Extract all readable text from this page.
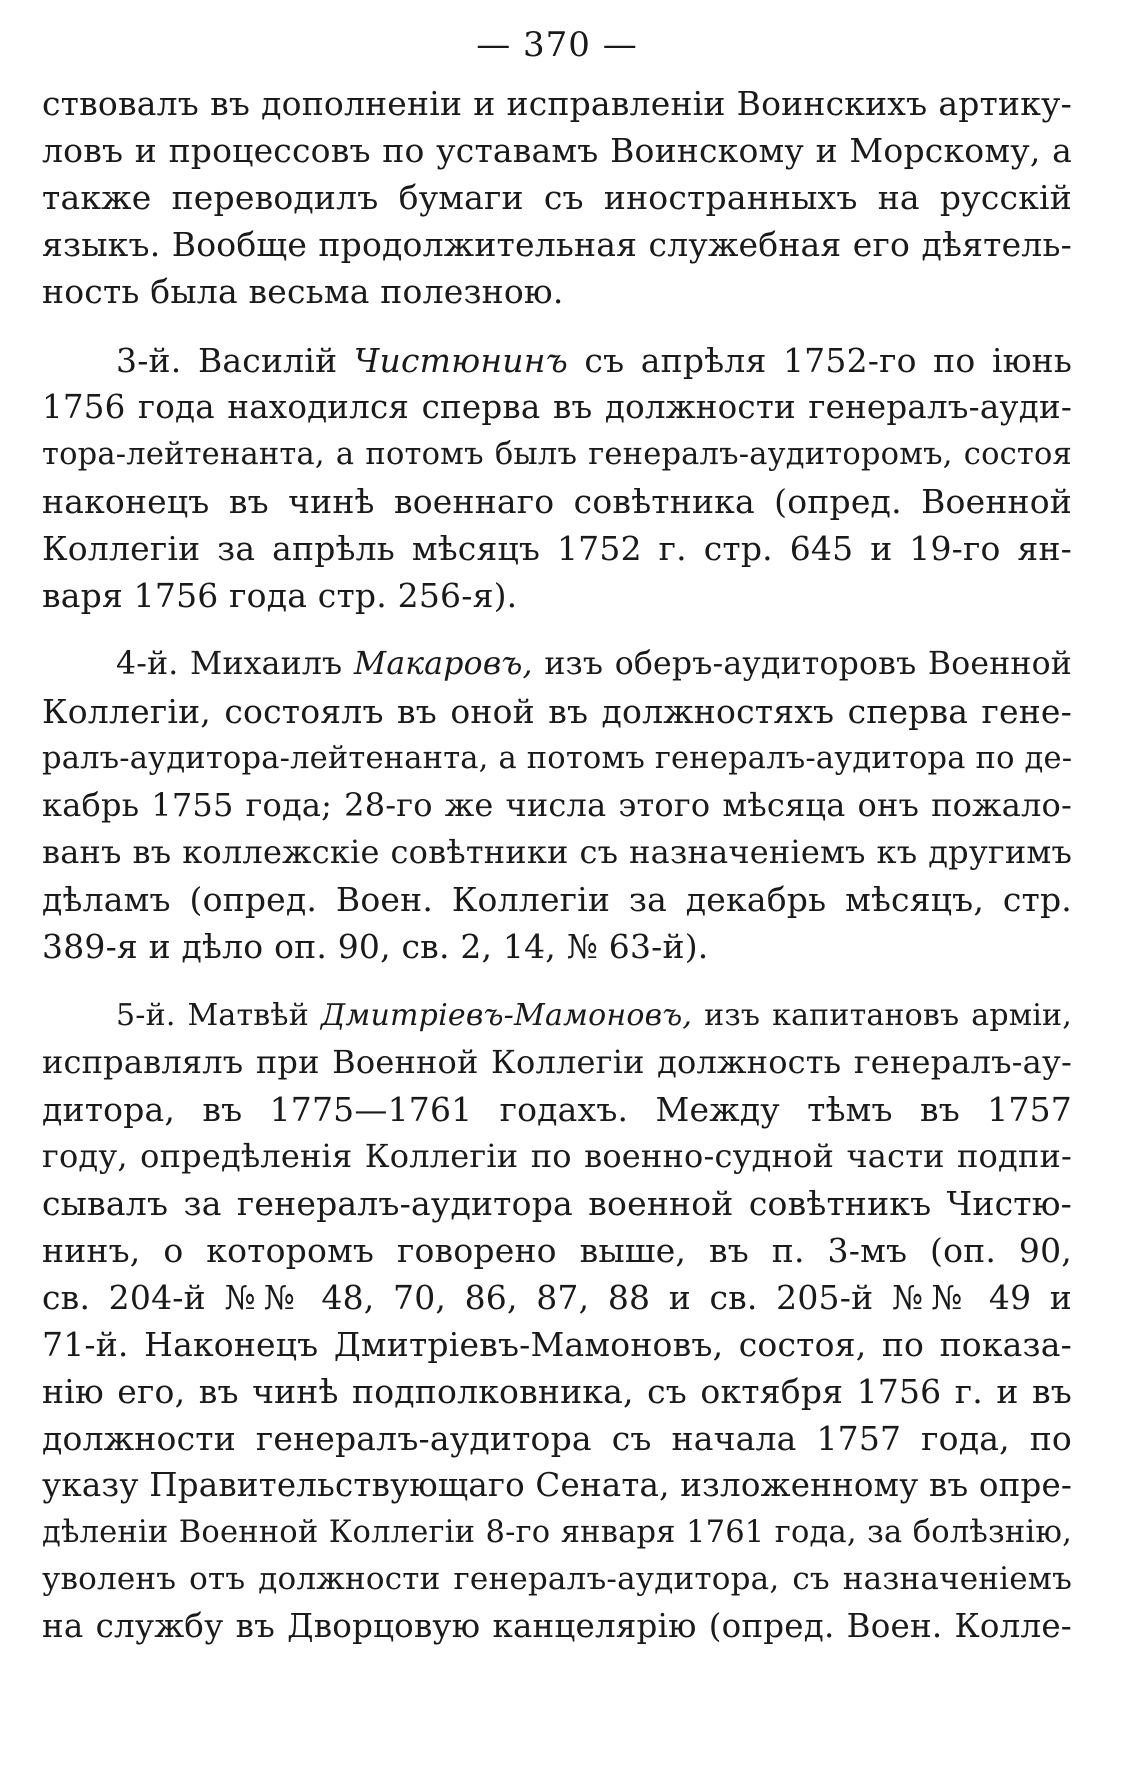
— 370 —
ствовалъ въ дополненіи и исправленіи Воинскихъ артику-
ловъ и процессовъ по уставамъ Воинскому и Морскому, а
также переводилъ бумаги съ иностранныхъ на русскій
языкъ. Вообще продолжительная служебная его дѣятель-
ность была весьма полезною.
3-й. Василій Чистюнинъ съ апрѣля 1752-го по іюнь
1756 года находился сперва въ должности генералъ-ауди-
тора-лейтенанта, а потомъ былъ генералъ-аудиторомъ, состоя
наконецъ въ чинѣ военнаго совѣтника (опред. Военной
Коллегіи за апрѣль мѣсяцъ 1752 г. стр. 645 и 19-го ян-
варя 1756 года стр. 256-я).
4-й. Михаилъ Макаровъ, изъ оберъ-аудиторовъ Военной
Коллегіи, состоялъ въ оной въ должностяхъ сперва гене-
ралъ-аудитора-лейтенанта, а потомъ генералъ-аудитора по де-
кабрь 1755 года; 28-го же числа этого мѣсяца онъ пожало-
ванъ въ коллежскіе совѣтники съ назначеніемъ къ другимъ
дѣламъ (опред. Воен. Коллегіи за декабрь мѣсяцъ, стр.
389-я и дѣло оп. 90, св. 2, 14, № 63-й).
5-й. Матвѣй Дмитріевъ-Мамоновъ, изъ капитановъ арміи,
исправлялъ при Военной Коллегіи должность генералъ-ау-
дитора, въ 1775—1761 годахъ. Между тѣмъ въ 1757
году, опредѣленія Коллегіи по военно-судной части подпи-
сывалъ за генералъ-аудитора военной совѣтникъ Чистю-
нинъ, о которомъ говорено выше, въ п. 3-мъ (оп. 90,
св. 204-й №№ 48, 70, 86, 87, 88 и св. 205-й №№ 49 и
71-й. Наконецъ Дмитріевъ-Мамоновъ, состоя, по показа-
нію его, въ чинѣ подполковника, съ октября 1756 г. и въ
должности генералъ-аудитора съ начала 1757 года, по
указу Правительствующаго Сената, изложенному въ опре-
дѣленіи Военной Коллегіи 8-го января 1761 года, за болѣзнію,
уволенъ отъ должности генералъ-аудитора, съ назначеніемъ
на службу въ Дворцовую канцелярію (опред. Воен. Колле-
